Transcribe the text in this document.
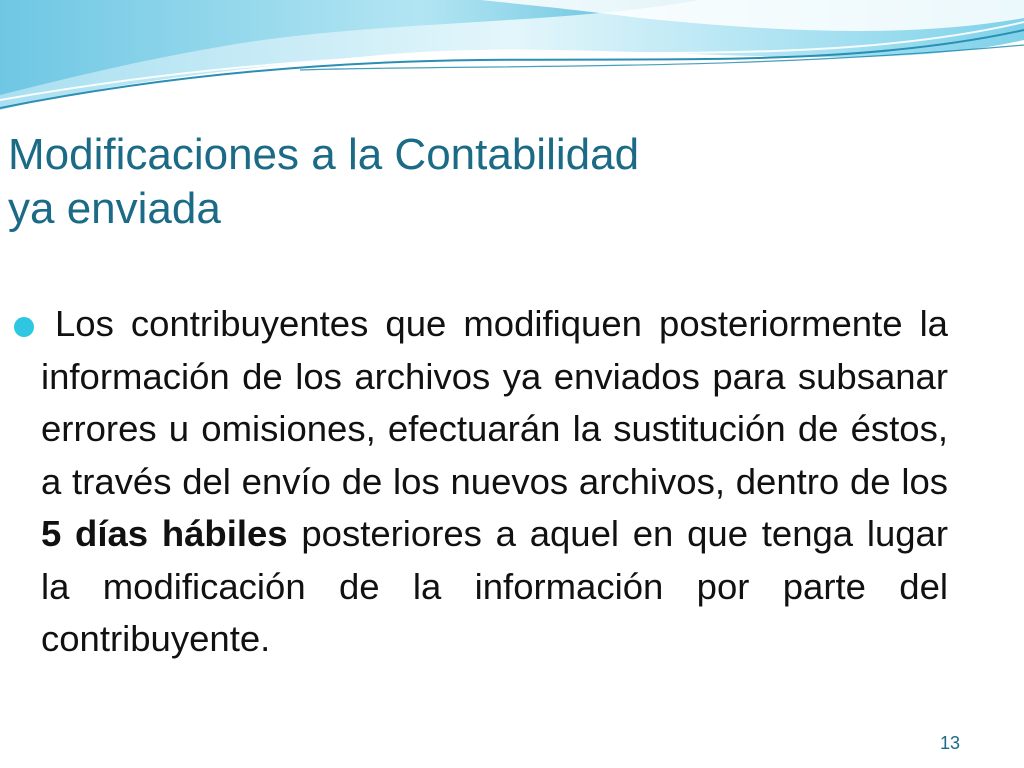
Modificaciones a la Contabilidad
ya enviada

Los contribuyentes que modifiquen posteriormente la información de los archivos ya enviados para subsanar errores u omisiones, efectuarán la sustitución de éstos, a través del envío de los nuevos archivos, dentro de los 5 días hábiles posteriores a aquel en que tenga lugar la modificación de la información por parte del contribuyente.

13
